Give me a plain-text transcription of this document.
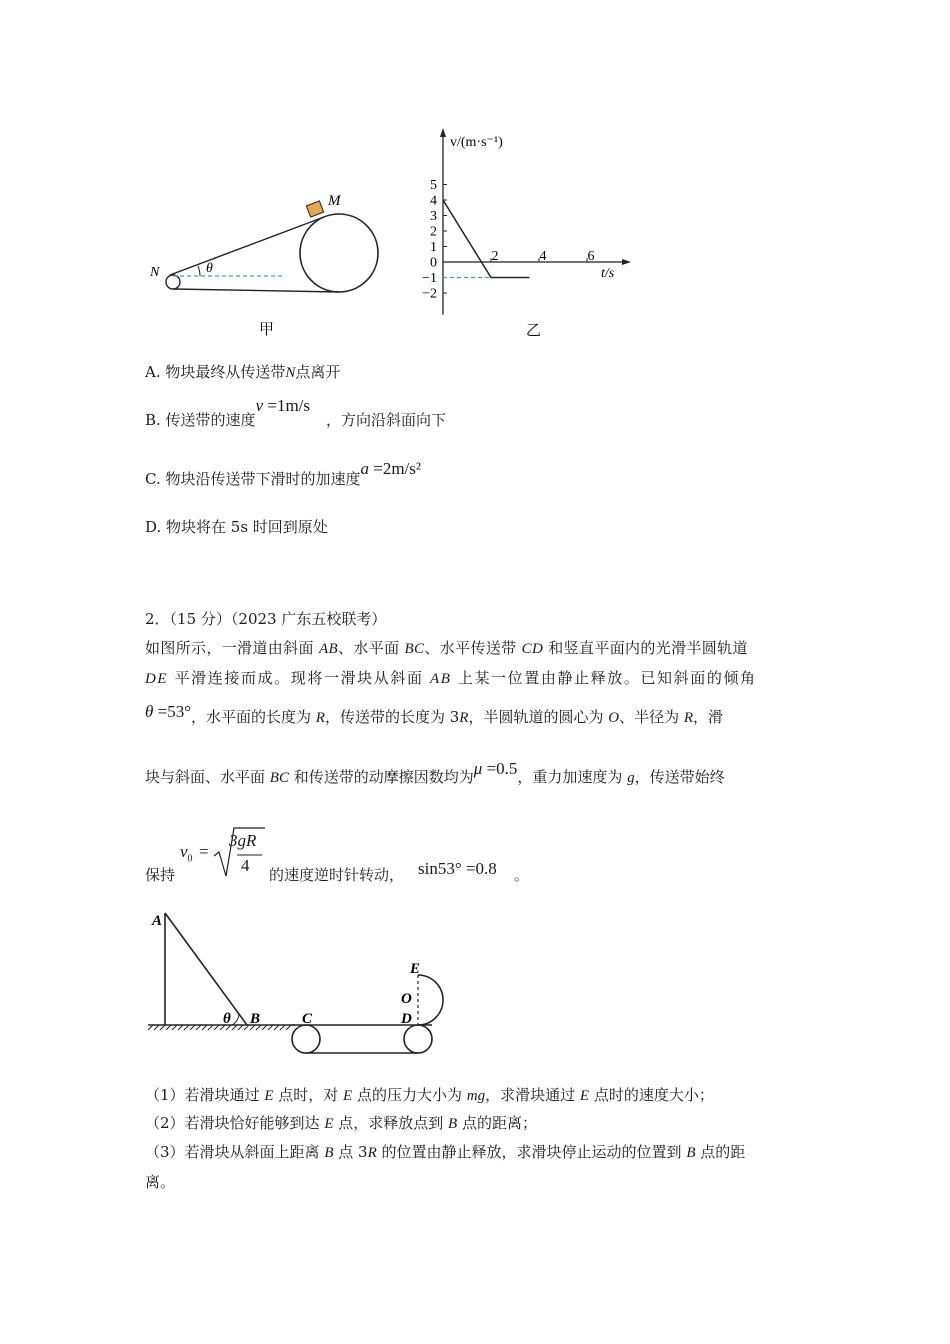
M
N	θ
甲
5
4
3
2
1
0
−1
−2
2	4	6
v/(m·s⁻¹)
t/s
乙
A. 物块最终从传送带N点离开
B. 传送带的速度v =1m/s，方向沿斜面向下
C. 物块沿传送带下滑时的加速度a =2m/s²
D. 物块将在 5s 时回到原处
2．（15 分）（2023 广东五校联考）
如图所示，一滑道由斜面 AB、水平面 BC、水平传送带 CD 和竖直平面内的光滑半圆轨道
DE 平滑连接而成。现将一滑块从斜面 AB 上某一位置由静止释放。已知斜面的倾角
θ =53°，水平面的长度为 R，传送带的长度为 3R，半圆轨道的圆心为 O、半径为 R，滑
块与斜面、水平面 BC 和传送带的动摩擦因数均为μ =0.5，重力加速度为 g，传送带始终
保持
$v_0$ =
3gR
4 的速度逆时针转动， sin53° =0.8 。
A
B
θ	C	D
E
O
（1）若滑块通过 E 点时，对 E 点的压力大小为 mg，求滑块通过 E 点时的速度大小；
（2）若滑块恰好能够到达 E 点，求释放点到 B 点的距离；
（3）若滑块从斜面上距离 B 点 3R 的位置由静止释放，求滑块停止运动的位置到 B 点的距
离。
